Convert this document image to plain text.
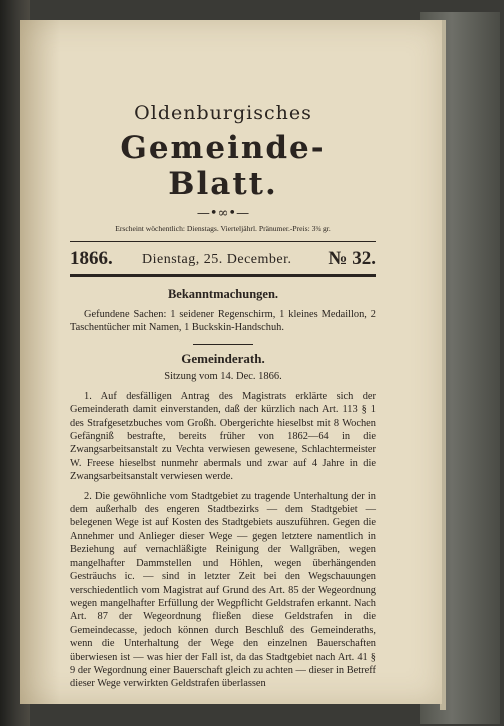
Oldenburgisches
Gemeinde-Blatt.
—•∞•—
Erscheint wöchentlich: Dienstags. Vierteljährl. Pränumer.-Preis: 3¾ gr.
1866. Dienstag, 25. December. № 32.
Bekanntmachungen.

Gefundene Sachen: 1 seidener Regenschirm, 1 kleines Medaillon, 2 Taschentücher mit Namen, 1 Buckskin-Handschuh.

Gemeinderath.
Sitzung vom 14. Dec. 1866.

1. Auf desfälligen Antrag des Magistrats erklärte sich der Gemeinderath damit einverstanden, daß der kürzlich nach Art. 113 § 1 des Strafgesetzbuches vom Großh. Obergerichte hieselbst mit 8 Wochen Gefängniß bestrafte, bereits früher von 1862—64 in die Zwangsarbeitsanstalt zu Vechta verwiesen gewesene, Schlachtermeister W. Freese hieselbst nunmehr abermals und zwar auf 4 Jahre in die Zwangsarbeitsanstalt verwiesen werde.

2. Die gewöhnliche vom Stadtgebiet zu tragende Unterhaltung der in dem außerhalb des engeren Stadtbezirks — dem Stadtgebiet — belegenen Wege ist auf Kosten des Stadtgebiets auszuführen. Gegen die Annehmer und Anlieger dieser Wege — gegen letztere namentlich in Beziehung auf vernachläßigte Reinigung der Wallgräben, wegen mangelhafter Dammstellen und Höhlen, wegen überhängenden Gesträuchs ic. — sind in letzter Zeit bei den Wegschauungen verschiedentlich vom Magistrat auf Grund des Art. 85 der Wegeordnung wegen mangelhafter Erfüllung der Wegpflicht Geldstrafen erkannt. Nach Art. 87 der Wegeordnung fließen diese Geldstrafen in die Gemeindecasse, jedoch können durch Beschluß des Gemeinderaths, wenn die Unterhaltung der Wege den einzelnen Bauerschaften überwiesen ist — was hier der Fall ist, da das Stadtgebiet nach Art. 41 § 9 der Wegordnung einer Bauerschaft gleich zu achten — dieser in Betreff dieser Wege verwirkten Geldstrafen überlassen
